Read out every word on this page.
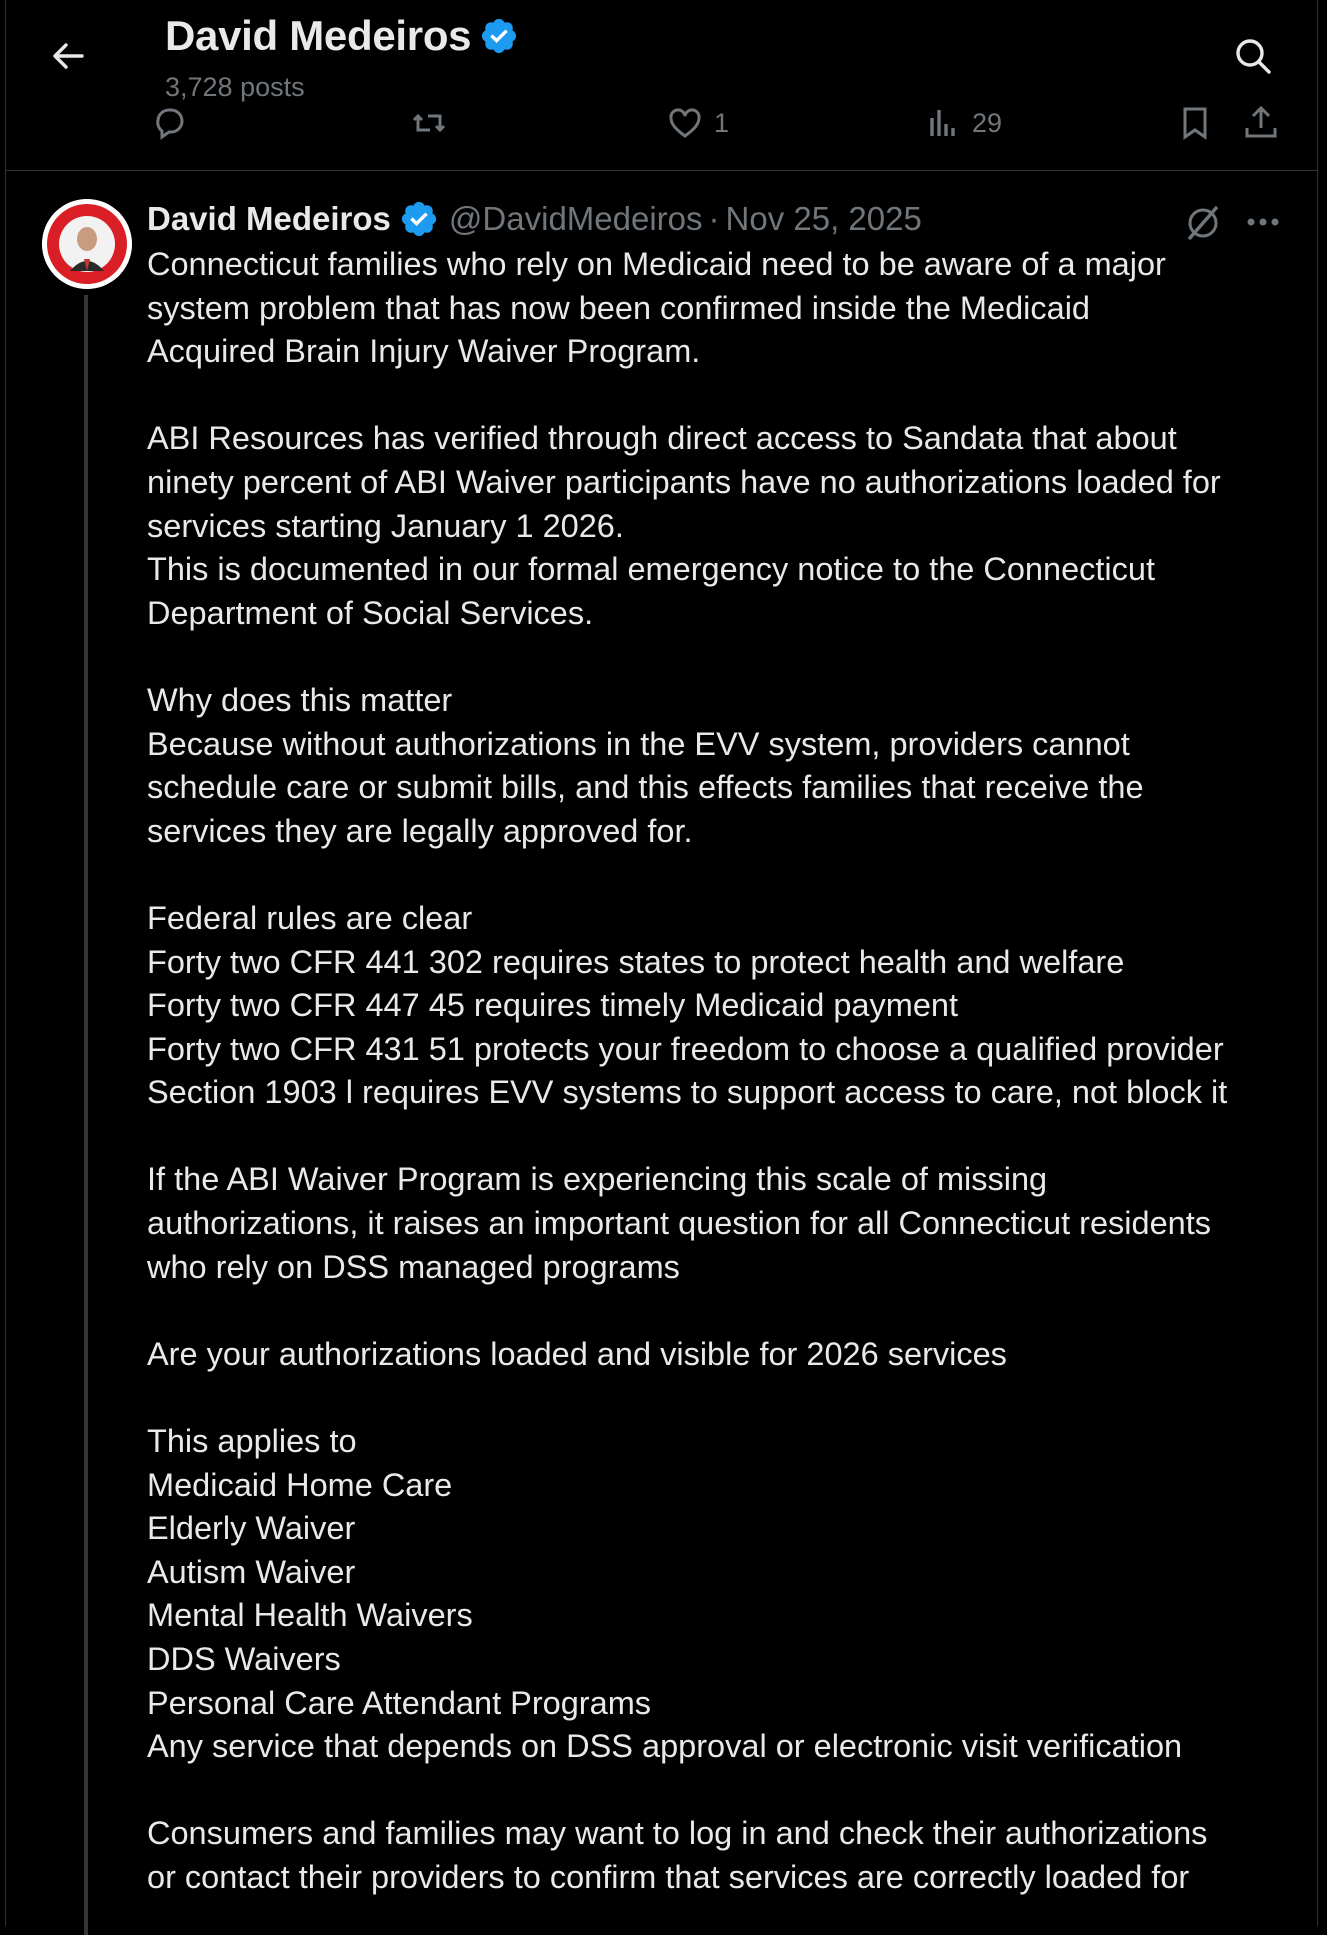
David Medeiros @DavidMedeiros · Nov 25, 2025

Connecticut families who rely on Medicaid need to be aware of a major

system problem that has now been confirmed inside the Medicaid

Acquired Brain Injury Waiver Program.

ABI Resources has verified through direct access to Sandata that about

ninety percent of ABI Waiver participants have no authorizations loaded for

services starting January 1 2026.

This is documented in our formal emergency notice to the Connecticut

Department of Social Services.

Why does this matter

Because without authorizations in the EVV system, providers cannot

schedule care or submit bills, and this effects families that receive the

services they are legally approved for.

Federal rules are clear

Forty two CFR 441 302 requires states to protect health and welfare

Forty two CFR 447 45 requires timely Medicaid payment

Forty two CFR 431 51 protects your freedom to choose a qualified provider

Section 1903 l requires EVV systems to support access to care, not block it

If the ABI Waiver Program is experiencing this scale of missing

authorizations, it raises an important question for all Connecticut residents

who rely on DSS managed programs

Are your authorizations loaded and visible for 2026 services

This applies to

Medicaid Home Care

Elderly Waiver

Autism Waiver

Mental Health Waivers

DDS Waivers

Personal Care Attendant Programs

Any service that depends on DSS approval or electronic visit verification

Consumers and families may want to log in and check their authorizations

or contact their providers to confirm that services are correctly loaded for

David Medeiros
3,728 posts
1	29
